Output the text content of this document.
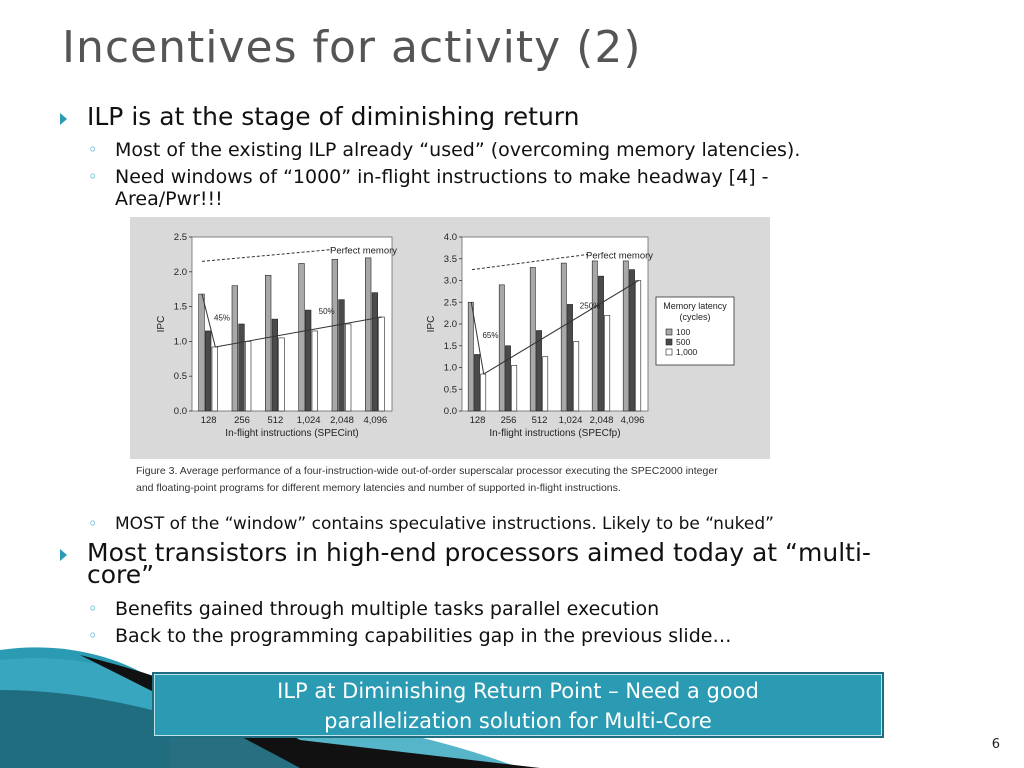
Incentives for activity (2)
ILP is at the stage of diminishing return
◦ Most of the existing ILP already “used” (overcoming memory latencies).
◦ Need windows of “1000” in-flight instructions to make headway [4] -
Area/Pwr!!!
0.0
0.5
1.0
1.5
2.0
2.5
IPC
128 256 512 1,024 2,048 4,096
In-flight instructions (SPECint)
Perfect memory
45%
50%
0.0
0.5
1.0
1.5
2.0
2.5
3.0
3.5
4.0
IPC
128 256 512 1,024 2,048 4,096
In-flight instructions (SPECfp)
Perfect memory
65%
250%	Memory latency
(cycles)
100
500
1,000
Figure 3. Average performance of a four-instruction-wide out-of-order superscalar processor executing the SPEC2000 integer
and floating-point programs for different memory latencies and number of supported in-flight instructions.
◦ MOST of the “window” contains speculative instructions. Likely to be “nuked”
Most transistors in high-end processors aimed today at “multi-
core”
◦ Benefits gained through multiple tasks parallel execution
◦ Back to the programming capabilities gap in the previous slide…
ILP at Diminishing Return Point – Need a good
parallelization solution for Multi-Core
6
